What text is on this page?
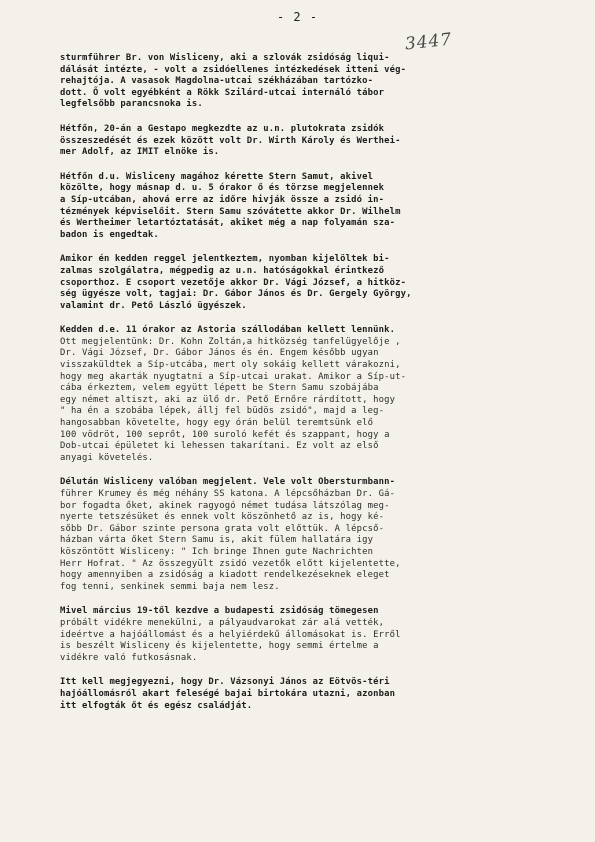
- 2 -
3447
sturmführer Br. von Wisliceny, aki a szlovák zsidóság liqui-
dálását intézte, - volt a zsidóellenes intézkedések itteni vég-
rehajtója. A vasasok Magdolna-utcai székházában tartózko-
dott. Ő volt egyébként a Rökk Szilárd-utcai internáló tábor
legfelsőbb parancsnoka is.
Hétfőn, 20-án a Gestapo megkezdte az u.n. plutokrata zsidók
összeszedését és ezek között volt Dr. Wirth Károly és Werthei-
mer Adolf, az IMIT elnöke is.
Hétfőn d.u. Wisliceny magához kérette Stern Samut, akivel
közölte, hogy másnap d. u. 5 órakor ő és törzse megjelennek
a Síp-utcában, ahová erre az időre hivják össze a zsidó in-
tézmények képviselőit. Stern Samu szóvátette akkor Dr. Wilhelm
és Wertheimer letartóztatását, akiket még a nap folyamán sza-
badon is engedtak.
Amikor én kedden reggel jelentkeztem, nyomban kijelöltek bi-
zalmas szolgálatra, mégpedig az u.n. hatóságokkal érintkező
csoporthoz. E csoport vezetője akkor Dr. Vági József, a hitköz-
ség ügyésze volt, tagjai: Dr. Gábor János és Dr. Gergely György,
valamint dr. Pető László ügyészek.
Kedden d.e. 11 órakor az Astoria szállodában kellett lennünk.
Ott megjelentünk: Dr. Kohn Zoltán,a hitközség tanfelügyelője ,
Dr. Vági József, Dr. Gábor János és én. Engem később ugyan
visszaküldtek a Síp-utcába, mert oly sokáig kellett várakozni,
hogy meg akarták nyugtatni a Síp-utcai urakat. Amikor a Síp-ut-
cába érkeztem, velem együtt lépett be Stern Samu szobájába
egy német altiszt, aki az ülő dr. Pető Ernőre rárdított, hogy
" ha én a szobába lépek, állj fel büdös zsidó", majd a leg-
hangosabban követelte, hogy egy órán belül teremtsünk elő
100 vödröt, 100 seprőt, 100 suroló kefét és szappant, hogy a
Dob-utcai épületet ki lehessen takarítani. Ez volt az első
anyagi követelés.
Délután Wisliceny valóban megjelent. Vele volt Obersturmbann-
führer Krumey és még néhány SS katona. A lépcsőházban Dr. Gá-
bor fogadta őket, akinek ragyogó német tudása látszólag meg-
nyerte tetszésüket és ennek volt köszönhető az is, hogy ké-
sőbb Dr. Gábor szinte persona grata volt előttük. A lépcső-
házban várta őket Stern Samu is, akit fülem hallatára igy
köszöntött Wisliceny: " Ich bringe Ihnen gute Nachrichten
Herr Hofrat. " Az összegyült zsidó vezetők előtt kijelentette,
hogy amennyiben a zsidóság a kiadott rendelkezéseknek eleget
fog tenni, senkinek semmi baja nem lesz.
Mivel március 19-től kezdve a budapesti zsidóság tömegesen
próbált vidékre menekülni, a pályaudvarokat zár alá vették,
ideértve a hajóállomást és a helyiérdekű állomásokat is. Erről
is beszélt Wisliceny és kijelentette, hogy semmi értelme a
vidékre való futkosásnak.
Itt kell megjegyezni, hogy Dr. Vázsonyi János az Eötvös-téri
hajóállomásról akart feleségé bajai birtokára utazni, azonban
itt elfogták őt és egész családját.
